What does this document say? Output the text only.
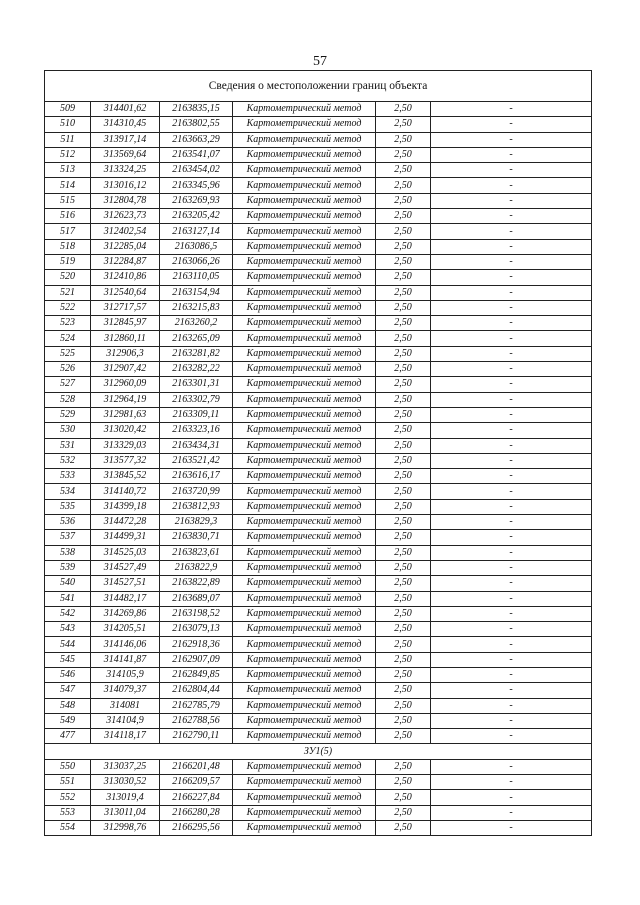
57
Сведения о местоположении границ объекта					
509	314401,62	2163835,15	Картометрический метод	2,50	-
510	314310,45	2163802,55	Картометрический метод	2,50	-
511	313917,14	2163663,29	Картометрический метод	2,50	-
512	313569,64	2163541,07	Картометрический метод	2,50	-
513	313324,25	2163454,02	Картометрический метод	2,50	-
514	313016,12	2163345,96	Картометрический метод	2,50	-
515	312804,78	2163269,93	Картометрический метод	2,50	-
516	312623,73	2163205,42	Картометрический метод	2,50	-
517	312402,54	2163127,14	Картометрический метод	2,50	-
518	312285,04	2163086,5	Картометрический метод	2,50	-
519	312284,87	2163066,26	Картометрический метод	2,50	-
520	312410,86	2163110,05	Картометрический метод	2,50	-
521	312540,64	2163154,94	Картометрический метод	2,50	-
522	312717,57	2163215,83	Картометрический метод	2,50	-
523	312845,97	2163260,2	Картометрический метод	2,50	-
524	312860,11	2163265,09	Картометрический метод	2,50	-
525	312906,3	2163281,82	Картометрический метод	2,50	-
526	312907,42	2163282,22	Картометрический метод	2,50	-
527	312960,09	2163301,31	Картометрический метод	2,50	-
528	312964,19	2163302,79	Картометрический метод	2,50	-
529	312981,63	2163309,11	Картометрический метод	2,50	-
530	313020,42	2163323,16	Картометрический метод	2,50	-
531	313329,03	2163434,31	Картометрический метод	2,50	-
532	313577,32	2163521,42	Картометрический метод	2,50	-
533	313845,52	2163616,17	Картометрический метод	2,50	-
534	314140,72	2163720,99	Картометрический метод	2,50	-
535	314399,18	2163812,93	Картометрический метод	2,50	-
536	314472,28	2163829,3	Картометрический метод	2,50	-
537	314499,31	2163830,71	Картометрический метод	2,50	-
538	314525,03	2163823,61	Картометрический метод	2,50	-
539	314527,49	2163822,9	Картометрический метод	2,50	-
540	314527,51	2163822,89	Картометрический метод	2,50	-
541	314482,17	2163689,07	Картометрический метод	2,50	-
542	314269,86	2163198,52	Картометрический метод	2,50	-
543	314205,51	2163079,13	Картометрический метод	2,50	-
544	314146,06	2162918,36	Картометрический метод	2,50	-
545	314141,87	2162907,09	Картометрический метод	2,50	-
546	314105,9	2162849,85	Картометрический метод	2,50	-
547	314079,37	2162804,44	Картометрический метод	2,50	-
548	314081	2162785,79	Картометрический метод	2,50	-
549	314104,9	2162788,56	Картометрический метод	2,50	-
477	314118,17	2162790,11	Картометрический метод	2,50	-
ЗУ1(5)					
550	313037,25	2166201,48	Картометрический метод	2,50	-
551	313030,52	2166209,57	Картометрический метод	2,50	-
552	313019,4	2166227,84	Картометрический метод	2,50	-
553	313011,04	2166280,28	Картометрический метод	2,50	-
554	312998,76	2166295,56	Картометрический метод	2,50	-
